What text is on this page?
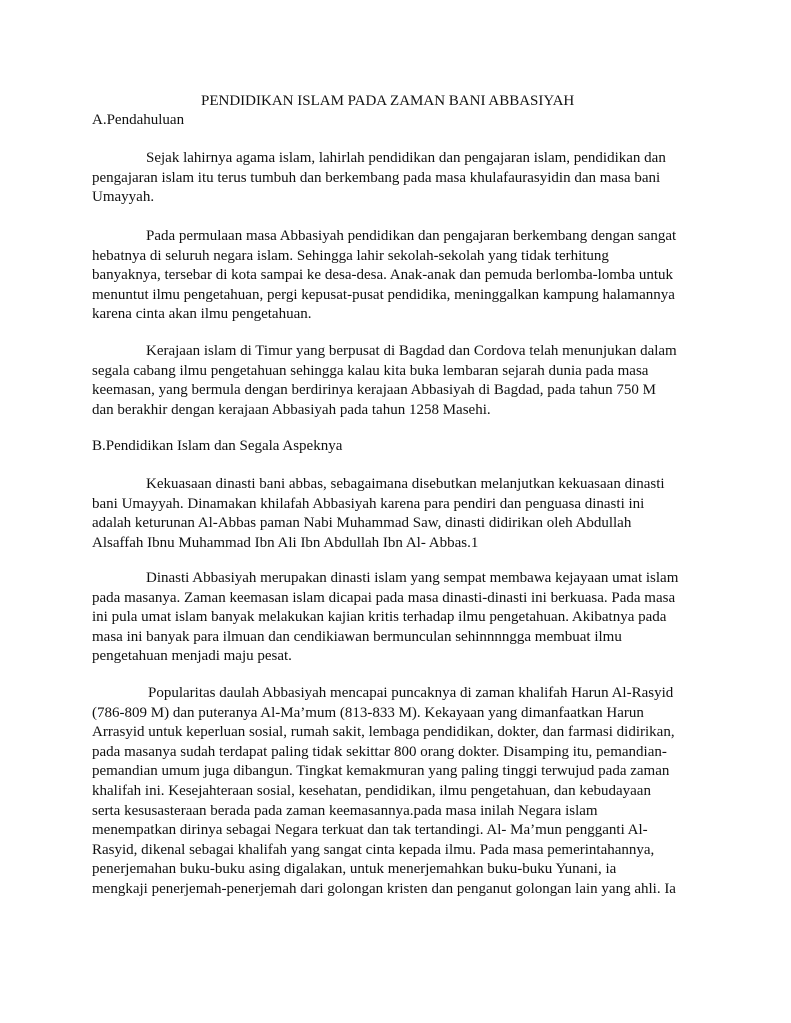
PENDIDIKAN ISLAM PADA ZAMAN BANI ABBASIYAH
A.Pendahuluan

Sejak lahirnya agama islam, lahirlah pendidikan dan pengajaran islam, pendidikan dan
pengajaran islam itu terus tumbuh dan berkembang pada masa khulafaurasyidin dan masa bani
Umayyah.

Pada permulaan masa Abbasiyah pendidikan dan pengajaran berkembang dengan sangat
hebatnya di seluruh negara islam. Sehingga lahir sekolah-sekolah yang tidak terhitung
banyaknya, tersebar di kota sampai ke desa-desa. Anak-anak dan pemuda berlomba-lomba untuk
menuntut ilmu pengetahuan, pergi kepusat-pusat pendidika, meninggalkan kampung halamannya
karena cinta akan ilmu pengetahuan.

Kerajaan islam di Timur yang berpusat di Bagdad dan Cordova telah menunjukan dalam
segala cabang ilmu pengetahuan sehingga kalau kita buka lembaran sejarah dunia pada masa
keemasan, yang bermula dengan berdirinya kerajaan Abbasiyah di Bagdad, pada tahun 750 M
dan berakhir dengan kerajaan Abbasiyah pada tahun 1258 Masehi.

B.Pendidikan Islam dan Segala Aspeknya

Kekuasaan dinasti bani abbas, sebagaimana disebutkan melanjutkan kekuasaan dinasti
bani Umayyah. Dinamakan khilafah Abbasiyah karena para pendiri dan penguasa dinasti ini
adalah keturunan Al-Abbas paman Nabi Muhammad Saw, dinasti didirikan oleh Abdullah
Alsaffah Ibnu Muhammad Ibn Ali Ibn Abdullah Ibn Al- Abbas.1

Dinasti Abbasiyah merupakan dinasti islam yang sempat membawa kejayaan umat islam
pada masanya. Zaman keemasan islam dicapai pada masa dinasti-dinasti ini berkuasa. Pada masa
ini pula umat islam banyak melakukan kajian kritis terhadap ilmu pengetahuan. Akibatnya pada
masa ini banyak para ilmuan dan cendikiawan bermunculan sehinnnngga membuat ilmu
pengetahuan menjadi maju pesat.

Popularitas daulah Abbasiyah mencapai puncaknya di zaman khalifah Harun Al-Rasyid
(786-809 M) dan puteranya Al-Ma’mum (813-833 M). Kekayaan yang dimanfaatkan Harun
Arrasyid untuk keperluan sosial, rumah sakit, lembaga pendidikan, dokter, dan farmasi didirikan,
pada masanya sudah terdapat paling tidak sekittar 800 orang dokter. Disamping itu, pemandian-
pemandian umum juga dibangun. Tingkat kemakmuran yang paling tinggi terwujud pada zaman
khalifah ini. Kesejahteraan sosial, kesehatan, pendidikan, ilmu pengetahuan, dan kebudayaan
serta kesusasteraan berada pada zaman keemasannya.pada masa inilah Negara islam
menempatkan dirinya sebagai Negara terkuat dan tak tertandingi. Al- Ma’mun pengganti Al-
Rasyid, dikenal sebagai khalifah yang sangat cinta kepada ilmu. Pada masa pemerintahannya,
penerjemahan buku-buku asing digalakan, untuk menerjemahkan buku-buku Yunani, ia
mengkaji penerjemah-penerjemah dari golongan kristen dan penganut golongan lain yang ahli. Ia
